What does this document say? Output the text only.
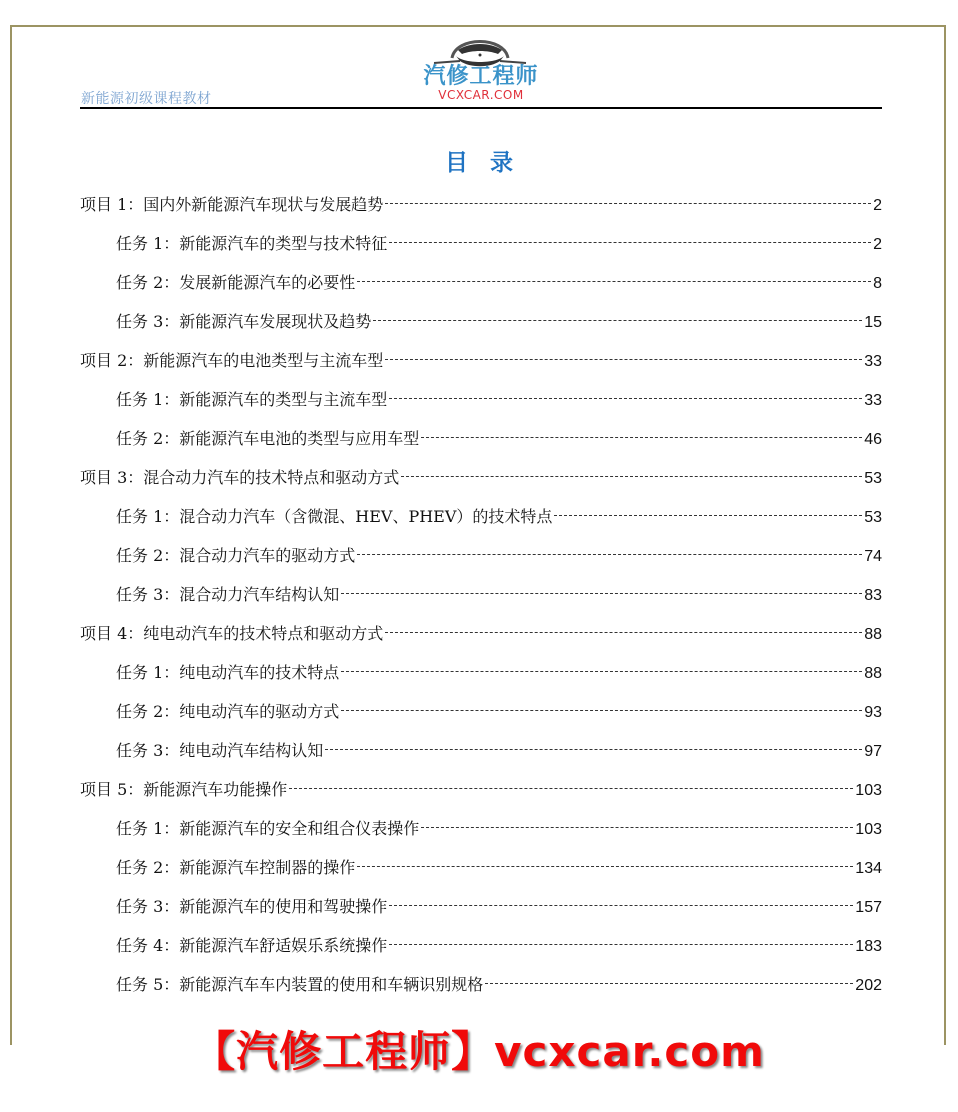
新能源初级课程教材
汽修工程师
VCXCAR.COM
目录
项目 1：国内外新能源汽车现状与发展趋势	2
任务 1：新能源汽车的类型与技术特征	2
任务 2：发展新能源汽车的必要性	8
任务 3：新能源汽车发展现状及趋势	15
项目 2：新能源汽车的电池类型与主流车型	33
任务 1：新能源汽车的类型与主流车型	33
任务 2：新能源汽车电池的类型与应用车型	46
项目 3：混合动力汽车的技术特点和驱动方式	53
任务 1：混合动力汽车（含微混、HEV、PHEV）的技术特点	53
任务 2：混合动力汽车的驱动方式	74
任务 3：混合动力汽车结构认知	83
项目 4：纯电动汽车的技术特点和驱动方式	88
任务 1：纯电动汽车的技术特点	88
任务 2：纯电动汽车的驱动方式	93
任务 3：纯电动汽车结构认知	97
项目 5：新能源汽车功能操作	103
任务 1：新能源汽车的安全和组合仪表操作	103
任务 2：新能源汽车控制器的操作	134
任务 3：新能源汽车的使用和驾驶操作	157
任务 4：新能源汽车舒适娱乐系统操作	183
任务 5：新能源汽车车内装置的使用和车辆识别规格	202
【汽修工程师】vcxcar.com
